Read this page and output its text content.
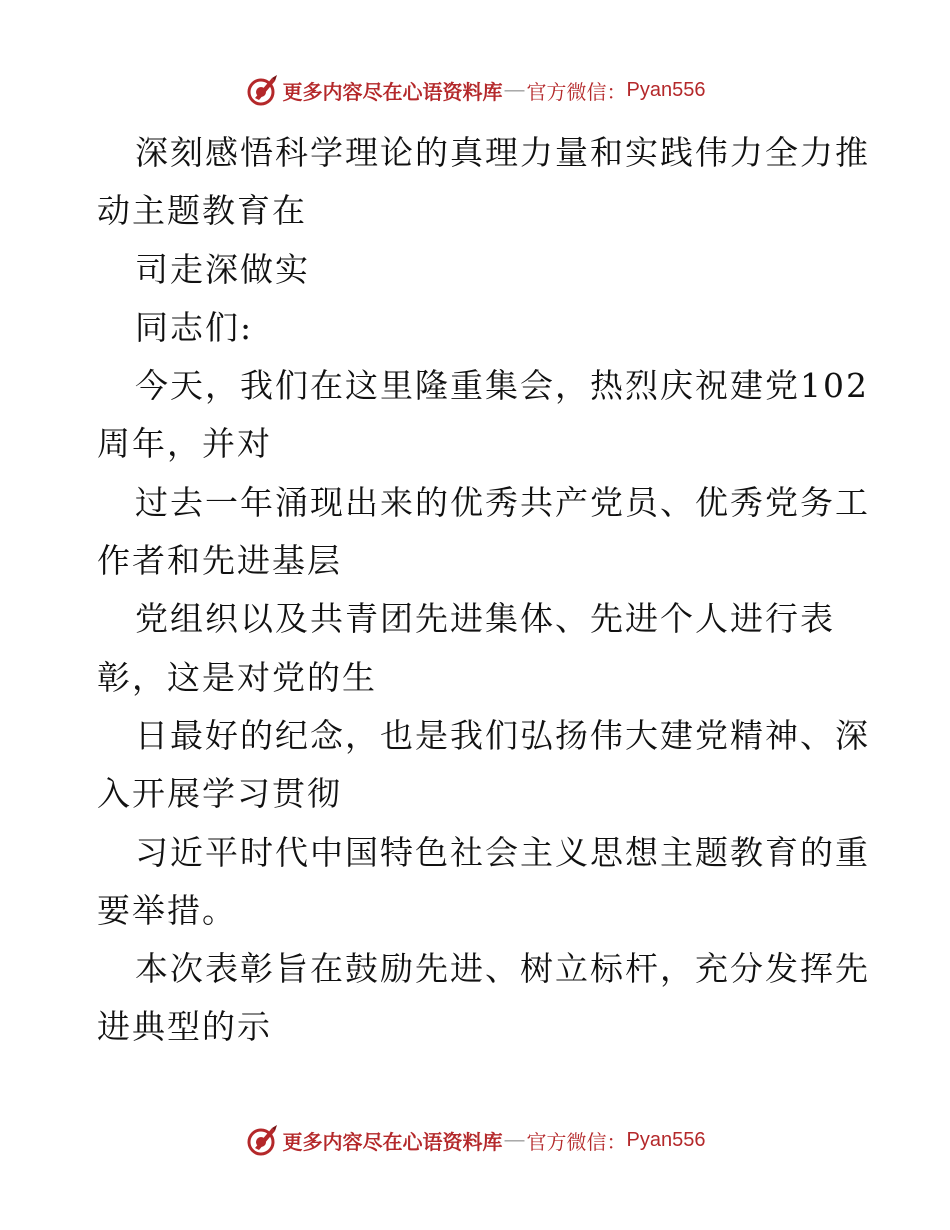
更多内容尽在心语资料库 — 官方微信： Pyan556
深刻感悟科学理论的真理力量和实践伟力全力推
动主题教育在
司走深做实
同志们:
今天，我们在这里隆重集会，热烈庆祝建党102
周年，并对
过去一年涌现出来的优秀共产党员、优秀党务工
作者和先进基层
党组织以及共青团先进集体、先进个人进行表
彰，这是对党的生
日最好的纪念，也是我们弘扬伟大建党精神、深
入开展学习贯彻
习近平时代中国特色社会主义思想主题教育的重
要举措。
本次表彰旨在鼓励先进、树立标杆，充分发挥先
进典型的示
更多内容尽在心语资料库 — 官方微信： Pyan556
